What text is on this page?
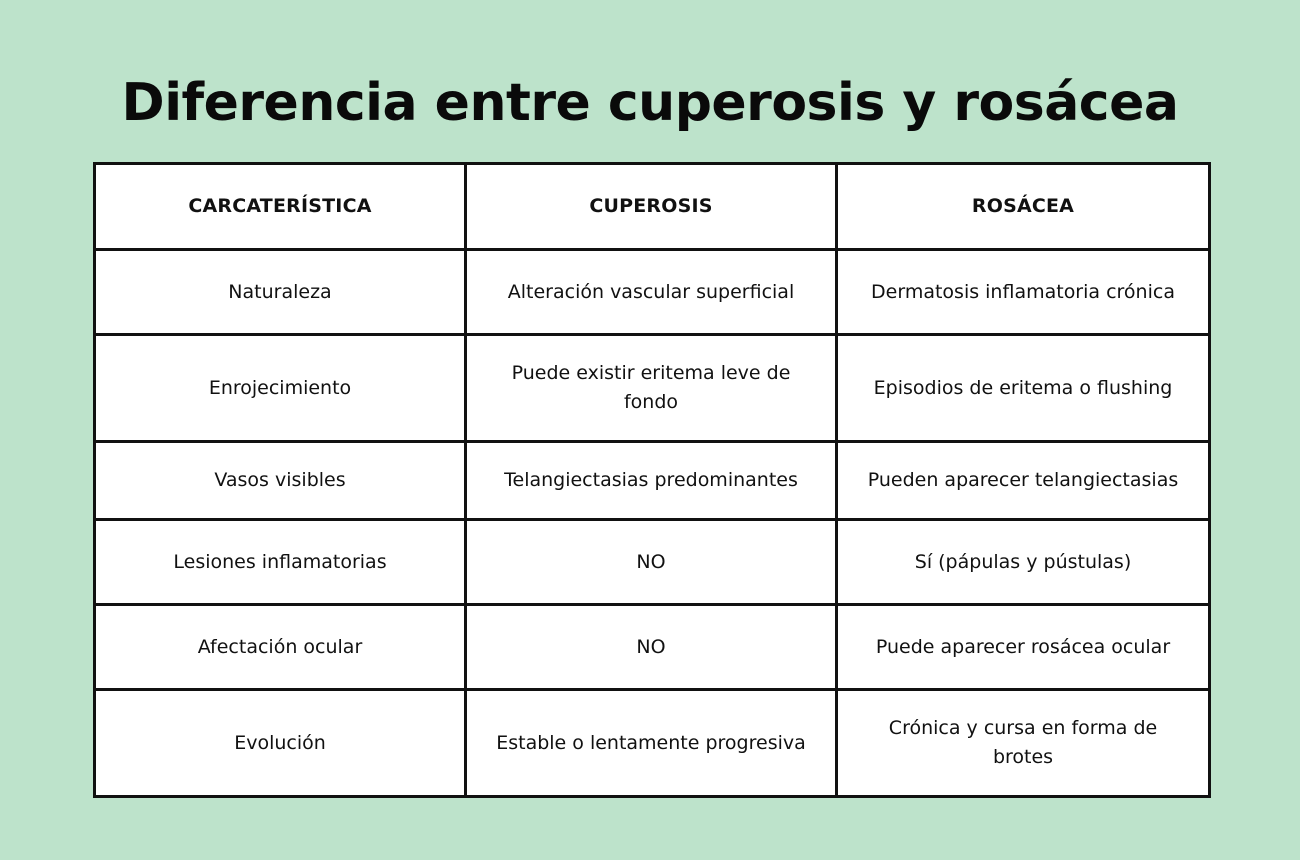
Diferencia entre cuperosis y rosácea
CARCATERÍSTICA	CUPEROSIS	ROSÁCEA
Naturaleza	Alteración vascular superficial	Dermatosis inflamatoria crónica
Enrojecimiento	Puede existir eritema leve de fondo	Episodios de eritema o flushing
Vasos visibles	Telangiectasias predominantes	Pueden aparecer telangiectasias
Lesiones inflamatorias	NO	Sí (pápulas y pústulas)
Afectación ocular	NO	Puede aparecer rosácea ocular
Evolución	Estable o lentamente progresiva	Crónica y cursa en forma de brotes
